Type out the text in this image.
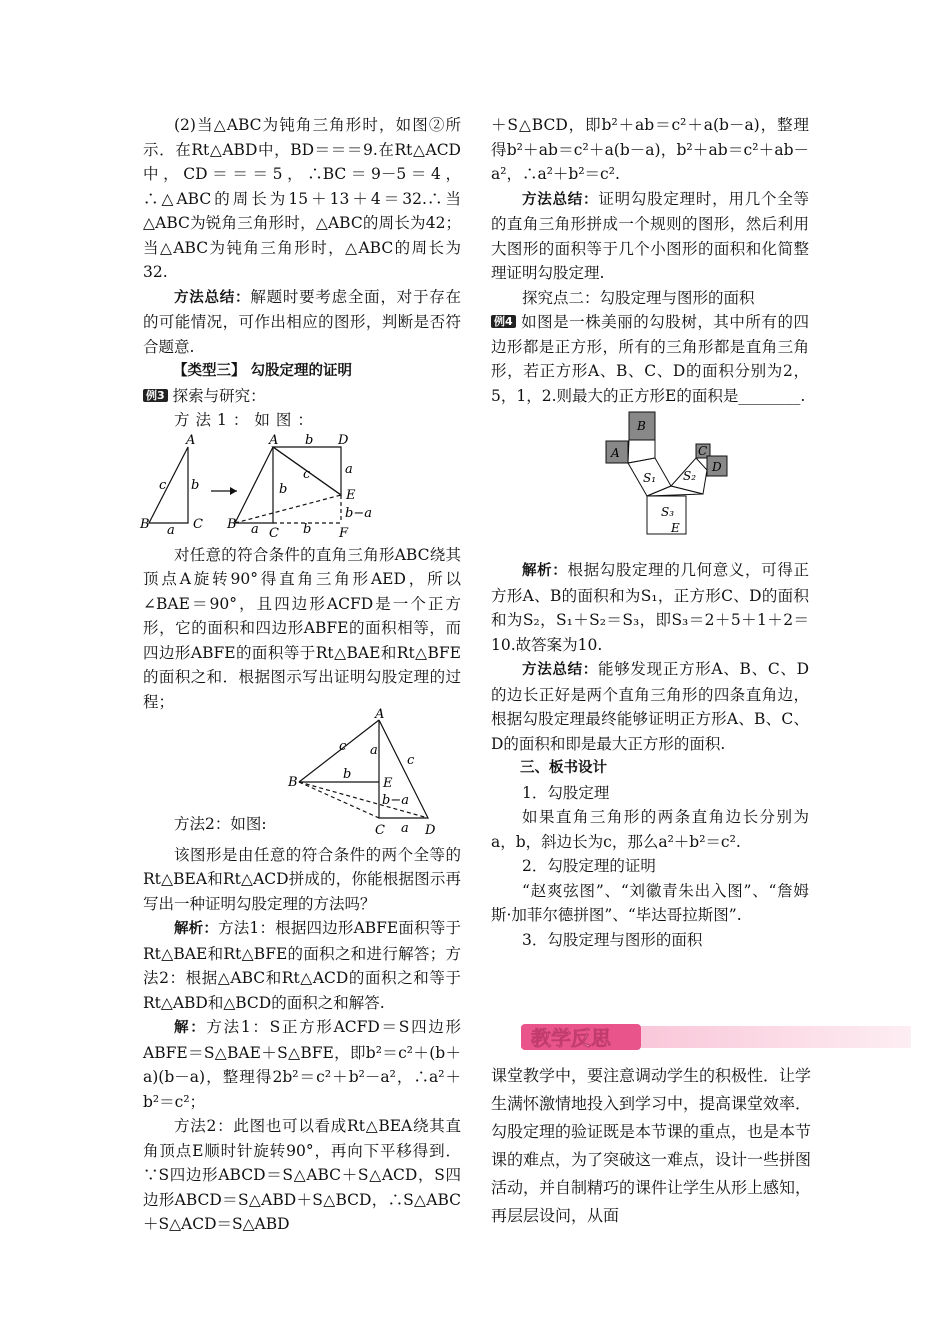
(2)当△ABC为钝角三角形时，如图②所示．在Rt△ABD中，BD＝＝＝9.在Rt△ACD中，CD＝＝＝5，∴BC＝9－5＝4，∴△ABC的周长为15＋13＋4＝32.∴当△ABC为锐角三角形时，△ABC的周长为42；当△ABC为钝角三角形时，△ABC的周长为32.

方法总结：解题时要考虑全面，对于存在的可能情况，可作出相应的图形，判断是否符合题意.

【类型三】 勾股定理的证明

例3 探索与研究：

方法1：如图：

A
B	C
c b
a
A	D
E
B
C	F
b
a
c
b
a	b
b−a

对任意的符合条件的直角三角形ABC绕其顶点A旋转90°得直角三角形AED，所以∠BAE＝90°，且四边形ACFD是一个正方形，它的面积和四边形ABFE的面积相等，而四边形ABFE的面积等于Rt△BAE和Rt△BFE的面积之和．根据图示写出证明勾股定理的过程；

A
B	E
C	D
c a
b
c
b−a
a

方法2：如图:

该图形是由任意的符合条件的两个全等的Rt△BEA和Rt△ACD拼成的，你能根据图示再写出一种证明勾股定理的方法吗？

解析：方法1：根据四边形ABFE面积等于Rt△BAE和Rt△BFE的面积之和进行解答；方法2：根据△ABC和Rt△ACD的面积之和等于Rt△ABD和△BCD的面积之和解答.

解：方法1：S正方形ACFD＝S四边形ABFE＝S△BAE＋S△BFE，即b²＝c²＋(b＋a)(b－a)，整理得2b²＝c²＋b²－a²，∴a²＋b²＝c²；

方法2：此图也可以看成Rt△BEA绕其直角顶点E顺时针旋转90°，再向下平移得到．∵S四边形ABCD＝S△ABC＋S△ACD，S四边形ABCD＝S△ABD＋S△BCD，∴S△ABC＋S△ACD＝S△ABD

＋S△BCD，即b²＋ab＝c²＋a(b－a)，整理得b²＋ab＝c²＋a(b－a)，b²＋ab＝c²＋ab－a²，∴a²＋b²＝c².

方法总结：证明勾股定理时，用几个全等的直角三角形拼成一个规则的图形，然后利用大图形的面积等于几个小图形的面积和化简整理证明勾股定理.

探究点二：勾股定理与图形的面积

例4 如图是一株美丽的勾股树，其中所有的四边形都是正方形，所有的三角形都是直角三角形，若正方形A、B、C、D的面积分别为2，5，1，2.则最大的正方形E的面积是________.

B
A	C
D
S₁ S₂
S₃
E

解析：根据勾股定理的几何意义，可得正方形A、B的面积和为S₁，正方形C、D的面积和为S₂，S₁＋S₂＝S₃，即S₃＝2＋5＋1＋2＝10.故答案为10.

方法总结：能够发现正方形A、B、C、D的边长正好是两个直角三角形的四条直角边，根据勾股定理最终能够证明正方形A、B、C、D的面积和即是最大正方形的面积.

三、板书设计

1．勾股定理

如果直角三角形的两条直角边长分别为a，b，斜边长为c，那么a²＋b²＝c².

2．勾股定理的证明

“赵爽弦图”、“刘徽青朱出入图”、“詹姆斯·加菲尔德拼图”、“毕达哥拉斯图”.

3．勾股定理与图形的面积

教学反思
课堂教学中，要注意调动学生的积极性．让学生满怀激情地投入到学习中，提高课堂效率．勾股定理的验证既是本节课的重点，也是本节课的难点，为了突破这一难点，设计一些拼图活动，并自制精巧的课件让学生从形上感知，再层层设问，从面
